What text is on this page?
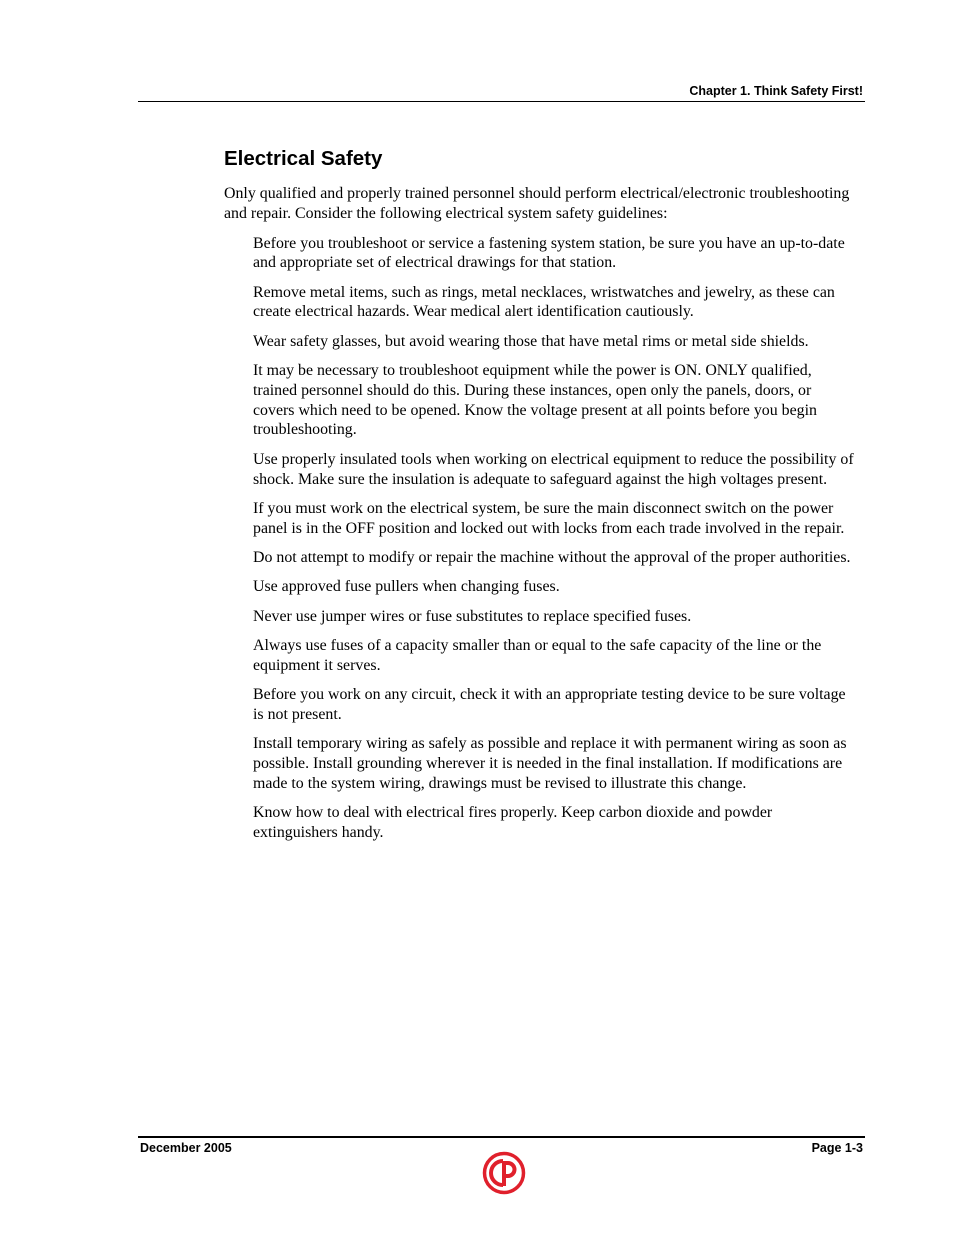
Chapter 1. Think Safety First!
Electrical Safety

Only qualified and properly trained personnel should perform electrical/electronic troubleshooting and repair. Consider the following electrical system safety guidelines:

Before you troubleshoot or service a fastening system station, be sure you have an up-to-date and appropriate set of electrical drawings for that station.

Remove metal items, such as rings, metal necklaces, wristwatches and jewelry, as these can create electrical hazards. Wear medical alert identification cautiously.

Wear safety glasses, but avoid wearing those that have metal rims or metal side shields.

It may be necessary to troubleshoot equipment while the power is ON. ONLY qualified, trained personnel should do this. During these instances, open only the panels, doors, or covers which need to be opened. Know the voltage present at all points before you begin troubleshooting.

Use properly insulated tools when working on electrical equipment to reduce the possibility of shock. Make sure the insulation is adequate to safeguard against the high voltages present.

If you must work on the electrical system, be sure the main disconnect switch on the power panel is in the OFF position and locked out with locks from each trade involved in the repair.

Do not attempt to modify or repair the machine without the approval of the proper authorities.

Use approved fuse pullers when changing fuses.

Never use jumper wires or fuse substitutes to replace specified fuses.

Always use fuses of a capacity smaller than or equal to the safe capacity of the line or the equipment it serves.

Before you work on any circuit, check it with an appropriate testing device to be sure voltage is not present.

Install temporary wiring as safely as possible and replace it with permanent wiring as soon as possible. Install grounding wherever it is needed in the final installation. If modifications are made to the system wiring, drawings must be revised to illustrate this change.

Know how to deal with electrical fires properly. Keep carbon dioxide and powder extinguishers handy.

December 2005	Page 1-3
